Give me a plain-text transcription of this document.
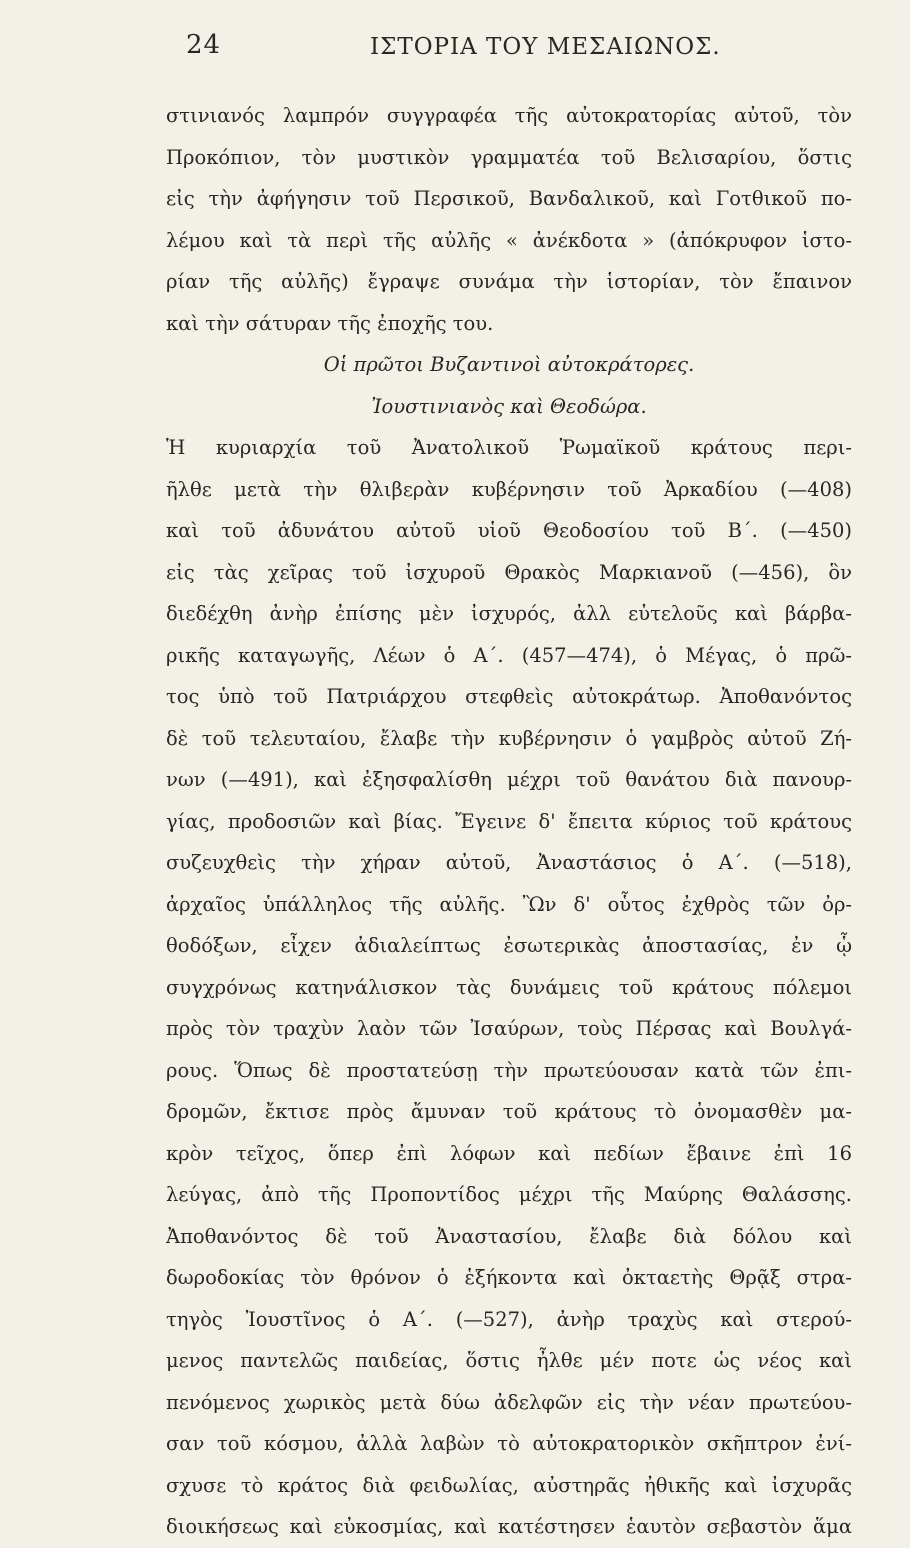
24	ΙΣΤΟΡΙΑ ΤΟΥ ΜΕΣΑΙΩΝΟΣ.
στινιανός λαμπρόν συγγραφέα τῆς αὐτοκρατορίας αὐτοῦ, τὸν
Προκόπιον, τὸν μυστικὸν γραμματέα τοῦ Βελισαρίου, ὅστις
εἰς τὴν ἀφήγησιν τοῦ Περσικοῦ, Βανδαλικοῦ, καὶ Γοτθικοῦ πο-
λέμου καὶ τὰ περὶ τῆς αὐλῆς « ἀνέκδοτα » (ἀπόκρυφον ἱστο-
ρίαν τῆς αὐλῆς) ἔγραψε συνάμα τὴν ἱστορίαν, τὸν ἔπαινον
καὶ τὴν σάτυραν τῆς ἐποχῆς του.
Οἱ πρῶτοι Βυζαντινοὶ αὐτοκράτορες.
Ἰουστινιανὸς καὶ Θεοδώρα.
Ἡ κυριαρχία τοῦ Ἀνατολικοῦ Ῥωμαϊκοῦ κράτους περι-
ῆλθε μετὰ τὴν θλιβερὰν κυβέρνησιν τοῦ Ἀρκαδίου (—408)
καὶ τοῦ ἀδυνάτου αὐτοῦ υἱοῦ Θεοδοσίου τοῦ Β΄. (—450)
εἰς τὰς χεῖρας τοῦ ἰσχυροῦ Θρακὸς Μαρκιανοῦ (—456), ὃν
διεδέχθη ἀνὴρ ἐπίσης μὲν ἰσχυρός, ἀλλ εὐτελοῦς καὶ βάρβα-
ρικῆς καταγωγῆς, Λέων ὁ Α΄. (457—474), ὁ Μέγας, ὁ πρῶ-
τος ὑπὸ τοῦ Πατριάρχου στεφθεὶς αὐτοκράτωρ. Ἀποθανόντος
δὲ τοῦ τελευταίου, ἔλαβε τὴν κυβέρνησιν ὁ γαμβρὸς αὐτοῦ Ζή-
νων (—491), καὶ ἐξησφαλίσθη μέχρι τοῦ θανάτου διὰ πανουρ-
γίας, προδοσιῶν καὶ βίας. Ἔγεινε δ' ἔπειτα κύριος τοῦ κράτους
συζευχθεὶς τὴν χήραν αὐτοῦ, Ἀναστάσιος ὁ Α΄. (—518),
ἀρχαῖος ὑπάλληλος τῆς αὐλῆς. Ὢν δ' οὗτος ἐχθρὸς τῶν ὀρ-
θοδόξων, εἶχεν ἀδιαλείπτως ἐσωτερικὰς ἀποστασίας, ἐν ᾧ
συγχρόνως κατηνάλισκον τὰς δυνάμεις τοῦ κράτους πόλεμοι
πρὸς τὸν τραχὺν λαὸν τῶν Ἰσαύρων, τοὺς Πέρσας καὶ Βουλγά-
ρους. Ὅπως δὲ προστατεύσῃ τὴν πρωτεύουσαν κατὰ τῶν ἐπι-
δρομῶν, ἔκτισε πρὸς ἄμυναν τοῦ κράτους τὸ ὀνομασθὲν μα-
κρὸν τεῖχος, ὅπερ ἐπὶ λόφων καὶ πεδίων ἔβαινε ἐπὶ 16
λεύγας, ἀπὸ τῆς Προποντίδος μέχρι τῆς Μαύρης Θαλάσσης.
Ἀποθανόντος δὲ τοῦ Ἀναστασίου, ἔλαβε διὰ δόλου καὶ
δωροδοκίας τὸν θρόνον ὁ ἑξήκοντα καὶ ὀκταετὴς Θρᾷξ στρα-
τηγὸς Ἰουστῖνος ὁ Α΄. (—527), ἀνὴρ τραχὺς καὶ στερού-
μενος παντελῶς παιδείας, ὅστις ἦλθε μέν ποτε ὡς νέος καὶ
πενόμενος χωρικὸς μετὰ δύω ἀδελφῶν εἰς τὴν νέαν πρωτεύου-
σαν τοῦ κόσμου, ἀλλὰ λαβὼν τὸ αὐτοκρατορικὸν σκῆπτρον ἐνί-
σχυσε τὸ κράτος διὰ φειδωλίας, αὐστηρᾶς ἠθικῆς καὶ ἰσχυρᾶς
διοικήσεως καὶ εὐκοσμίας, καὶ κατέστησεν ἑαυτὸν σεβαστὸν ἅμα
